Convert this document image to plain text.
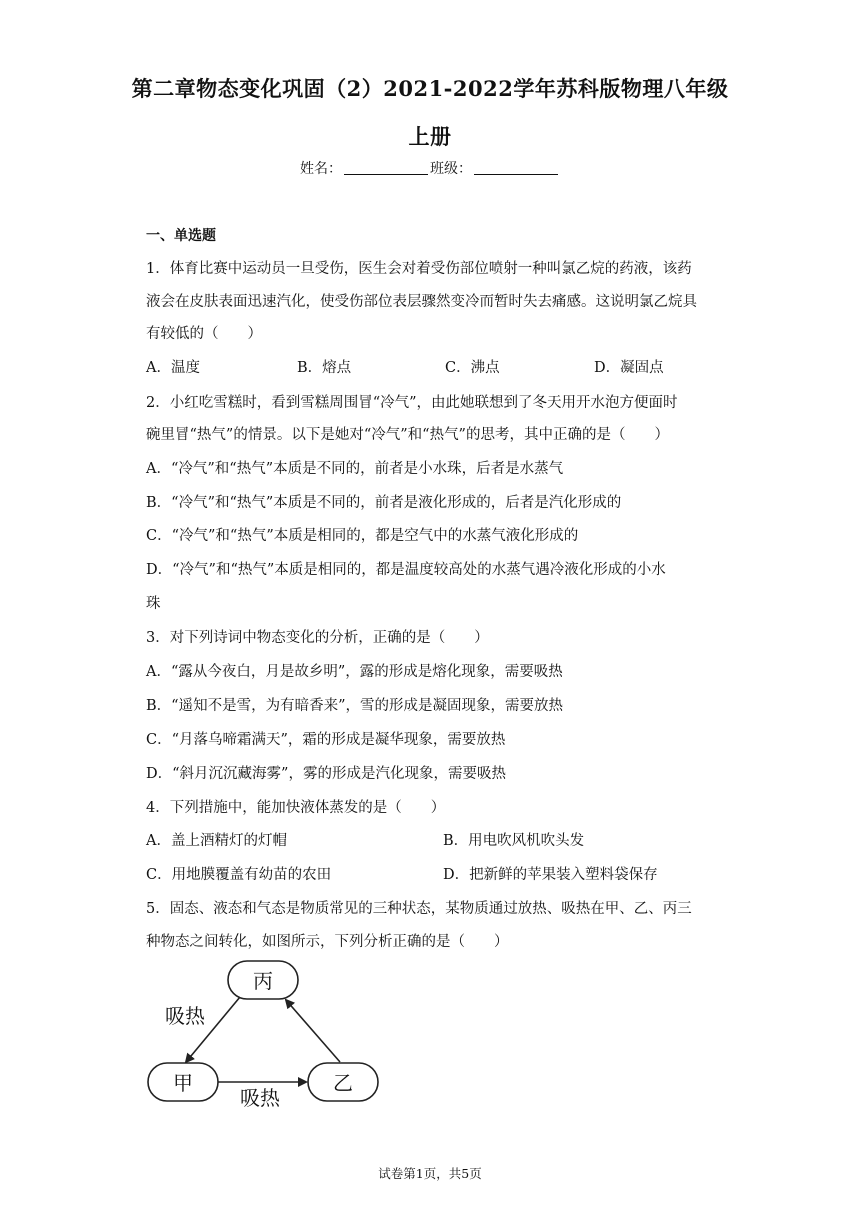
第二章物态变化巩固（2）2021-2022学年苏科版物理八年级
上册
姓名：	班级：
一、单选题
1．体育比赛中运动员一旦受伤，医生会对着受伤部位喷射一种叫氯乙烷的药液，该药
液会在皮肤表面迅速汽化，使受伤部位表层骤然变冷而暂时失去痛感。这说明氯乙烷具
有较低的（　　）
A．温度	B．熔点	C．沸点	D．凝固点
2．小红吃雪糕时，看到雪糕周围冒“冷气”，由此她联想到了冬天用开水泡方便面时
碗里冒“热气”的情景。以下是她对“冷气”和“热气”的思考，其中正确的是（　　）
A．“冷气”和“热气”本质是不同的，前者是小水珠，后者是水蒸气
B．“冷气”和“热气”本质是不同的，前者是液化形成的，后者是汽化形成的
C．“冷气”和“热气”本质是相同的，都是空气中的水蒸气液化形成的
D．“冷气”和“热气”本质是相同的，都是温度较高处的水蒸气遇冷液化形成的小水
珠
3．对下列诗词中物态变化的分析，正确的是（　　）
A．“露从今夜白，月是故乡明”，露的形成是熔化现象，需要吸热
B．“遥知不是雪，为有暗香来”，雪的形成是凝固现象，需要放热
C．“月落乌啼霜满天”，霜的形成是凝华现象，需要放热
D．“斜月沉沉藏海雾”，雾的形成是汽化现象，需要吸热
4．下列措施中，能加快液体蒸发的是（　　）
A．盖上酒精灯的灯帽	B．用电吹风机吹头发
C．用地膜覆盖有幼苗的农田	D．把新鲜的苹果装入塑料袋保存
5．固态、液态和气态是物质常见的三种状态，某物质通过放热、吸热在甲、乙、丙三
种物态之间转化，如图所示，下列分析正确的是（　　）
丙
甲	乙
吸热
吸热
试卷第1页，共5页
